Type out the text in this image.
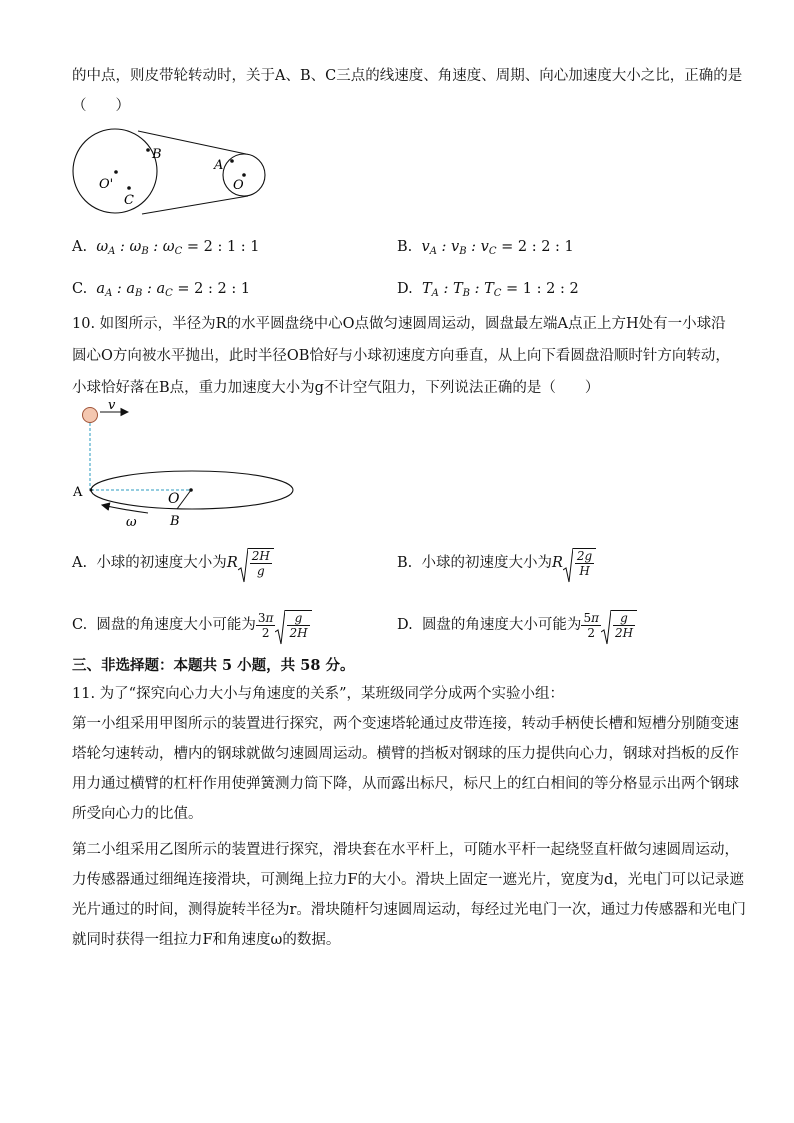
的中点，则皮带轮转动时，关于A、B、C三点的线速度、角速度、周期、向心加速度大小之比，正确的是
（　　）
B
O'
C
A
O
A. $\omega_A$ : $\omega_B$ : $\omega_C = 2$ : 1 : 1	B. $v_A$ : $v_B$ : $v_C = 2$ : 2 : 1
C. $a_A$ : $a_B$ : $a_C = 2$ : 2 : 1	D. $T_A$ : $T_B$ : $T_C = 1$ : 2 : 2
10. 如图所示，半径为R的水平圆盘绕中心O点做匀速圆周运动，圆盘最左端A点正上方H处有一小球沿
圆心O方向被水平抛出，此时半径OB恰好与小球初速度方向垂直，从上向下看圆盘沿顺时针方向转动，
小球恰好落在B点，重力加速度大小为g不计空气阻力，下列说法正确的是（　　）
v
A	O
B
ω
A. 小球的初速度大小为R $\frac{2H}{g}$	B. 小球的初速度大小为R $\frac{2g}{H}$
C. 圆盘的角速度大小可能为 $\frac{3\pi}{2} \frac{g}{2H}$	D. 圆盘的角速度大小可能为 $\frac{5\pi}{2} \frac{g}{2H}$
三、非选择题：本题共 5 小题，共 58 分。
11. 为了“探究向心力大小与角速度的关系”，某班级同学分成两个实验小组：
第一小组采用甲图所示的装置进行探究，两个变速塔轮通过皮带连接，转动手柄使长槽和短槽分别随变速
塔轮匀速转动，槽内的钢球就做匀速圆周运动。横臂的挡板对钢球的压力提供向心力，钢球对挡板的反作
用力通过横臂的杠杆作用使弹簧测力筒下降，从而露出标尺，标尺上的红白相间的等分格显示出两个钢球
所受向心力的比值。
第二小组采用乙图所示的装置进行探究，滑块套在水平杆上，可随水平杆一起绕竖直杆做匀速圆周运动，
力传感器通过细绳连接滑块，可测绳上拉力F的大小。滑块上固定一遮光片，宽度为d，光电门可以记录遮
光片通过的时间，测得旋转半径为r。滑块随杆匀速圆周运动，每经过光电门一次，通过力传感器和光电门
就同时获得一组拉力F和角速度ω的数据。
